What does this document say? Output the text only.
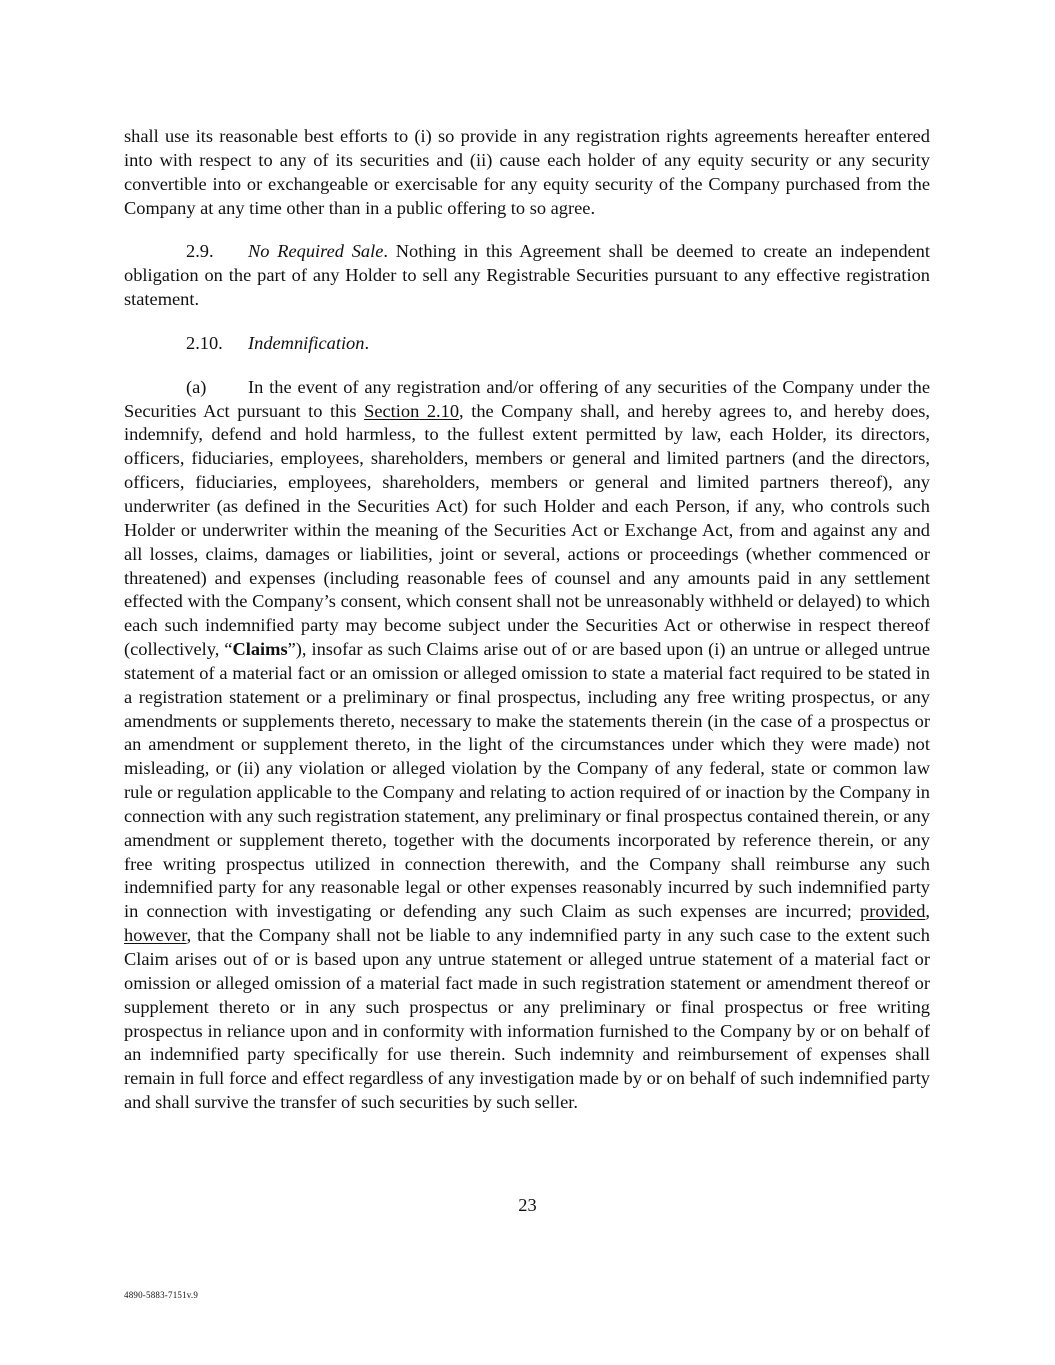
shall use its reasonable best efforts to (i) so provide in any registration rights agreements hereafter entered into with respect to any of its securities and (ii) cause each holder of any equity security or any security convertible into or exchangeable or exercisable for any equity security of the Company purchased from the Company at any time other than in a public offering to so agree.

2.9. No Required Sale. Nothing in this Agreement shall be deemed to create an independent obligation on the part of any Holder to sell any Registrable Securities pursuant to any effective registration statement.

2.10. Indemnification.

(a) In the event of any registration and/or offering of any securities of the Company under the Securities Act pursuant to this Section 2.10, the Company shall, and hereby agrees to, and hereby does, indemnify, defend and hold harmless, to the fullest extent permitted by law, each Holder, its directors, officers, fiduciaries, employees, shareholders, members or general and limited partners (and the directors, officers, fiduciaries, employees, shareholders, members or general and limited partners thereof), any underwriter (as defined in the Securities Act) for such Holder and each Person, if any, who controls such Holder or underwriter within the meaning of the Securities Act or Exchange Act, from and against any and all losses, claims, damages or liabilities, joint or several, actions or proceedings (whether commenced or threatened) and expenses (including reasonable fees of counsel and any amounts paid in any settlement effected with the Company’s consent, which consent shall not be unreasonably withheld or delayed) to which each such indemnified party may become subject under the Securities Act or otherwise in respect thereof (collectively, “Claims”), insofar as such Claims arise out of or are based upon (i) an untrue or alleged untrue statement of a material fact or an omission or alleged omission to state a material fact required to be stated in a registration statement or a preliminary or final prospectus, including any free writing prospectus, or any amendments or supplements thereto, necessary to make the statements therein (in the case of a prospectus or an amendment or supplement thereto, in the light of the circumstances under which they were made) not misleading, or (ii) any violation or alleged violation by the Company of any federal, state or common law rule or regulation applicable to the Company and relating to action required of or inaction by the Company in connection with any such registration statement, any preliminary or final prospectus contained therein, or any amendment or supplement thereto, together with the documents incorporated by reference therein, or any free writing prospectus utilized in connection therewith, and the Company shall reimburse any such indemnified party for any reasonable legal or other expenses reasonably incurred by such indemnified party in connection with investigating or defending any such Claim as such expenses are incurred; provided, however, that the Company shall not be liable to any indemnified party in any such case to the extent such Claim arises out of or is based upon any untrue statement or alleged untrue statement of a material fact or omission or alleged omission of a material fact made in such registration statement or amendment thereof or supplement thereto or in any such prospectus or any preliminary or final prospectus or free writing prospectus in reliance upon and in conformity with information furnished to the Company by or on behalf of an indemnified party specifically for use therein. Such indemnity and reimbursement of expenses shall remain in full force and effect regardless of any investigation made by or on behalf of such indemnified party and shall survive the transfer of such securities by such seller.

23
4890-5883-7151v.9
